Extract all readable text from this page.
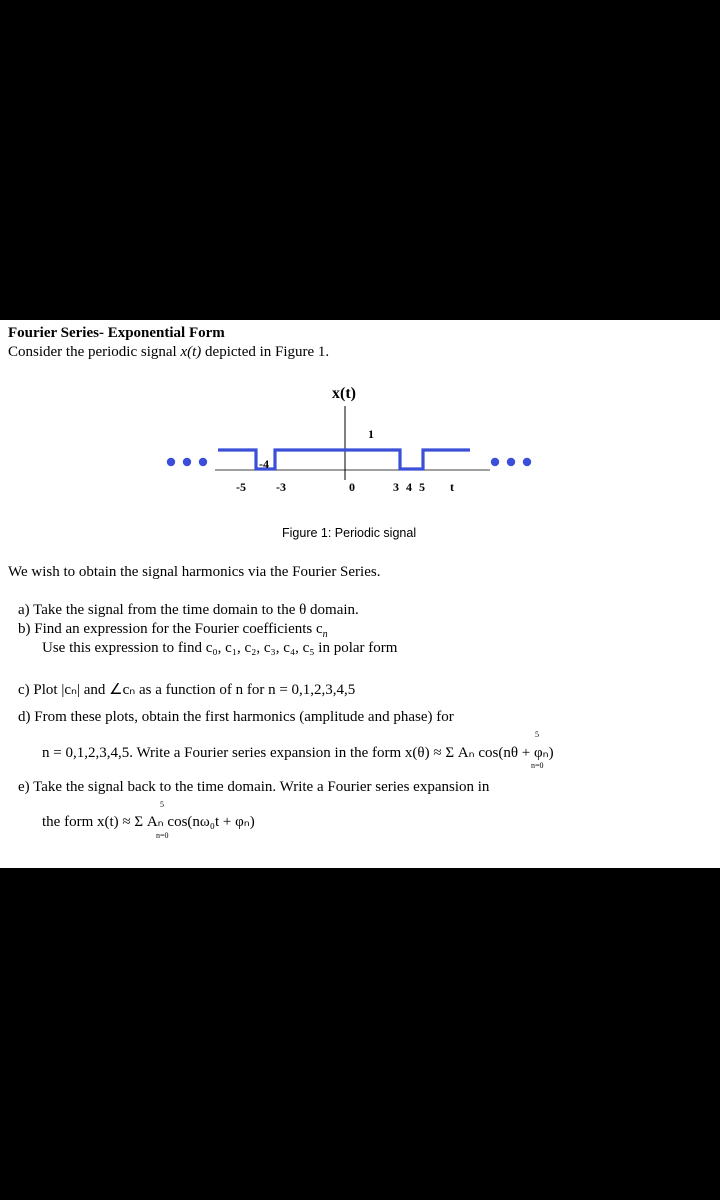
Fourier Series- Exponential Form
Consider the periodic signal x(t) depicted in Figure 1.
x(t)
1
-4
-5	-3	0	3 4 5 t
Figure 1: Periodic signal
We wish to obtain the signal harmonics via the Fourier Series.
a) Take the signal from the time domain to the θ domain.
b) Find an expression for the Fourier coefficients $c_n$
Use this expression to find c₀, c₁, c₂, c₃, c₄, c₅ in polar form
c) Plot |cₙ| and ∠cₙ as a function of n for n = 0,1,2,3,4,5
d) From these plots, obtain the first harmonics (amplitude and phase) for
n = 0,1,2,3,4,5. Write a Fourier series expansion in the form x(θ) ≈ Σ Aₙ cos(nθ + φₙ)
5
n=0
e) Take the signal back to the time domain. Write a Fourier series expansion in
the form x(t) ≈ Σ Aₙ cos(nω₀t + φₙ)
5
n=0
